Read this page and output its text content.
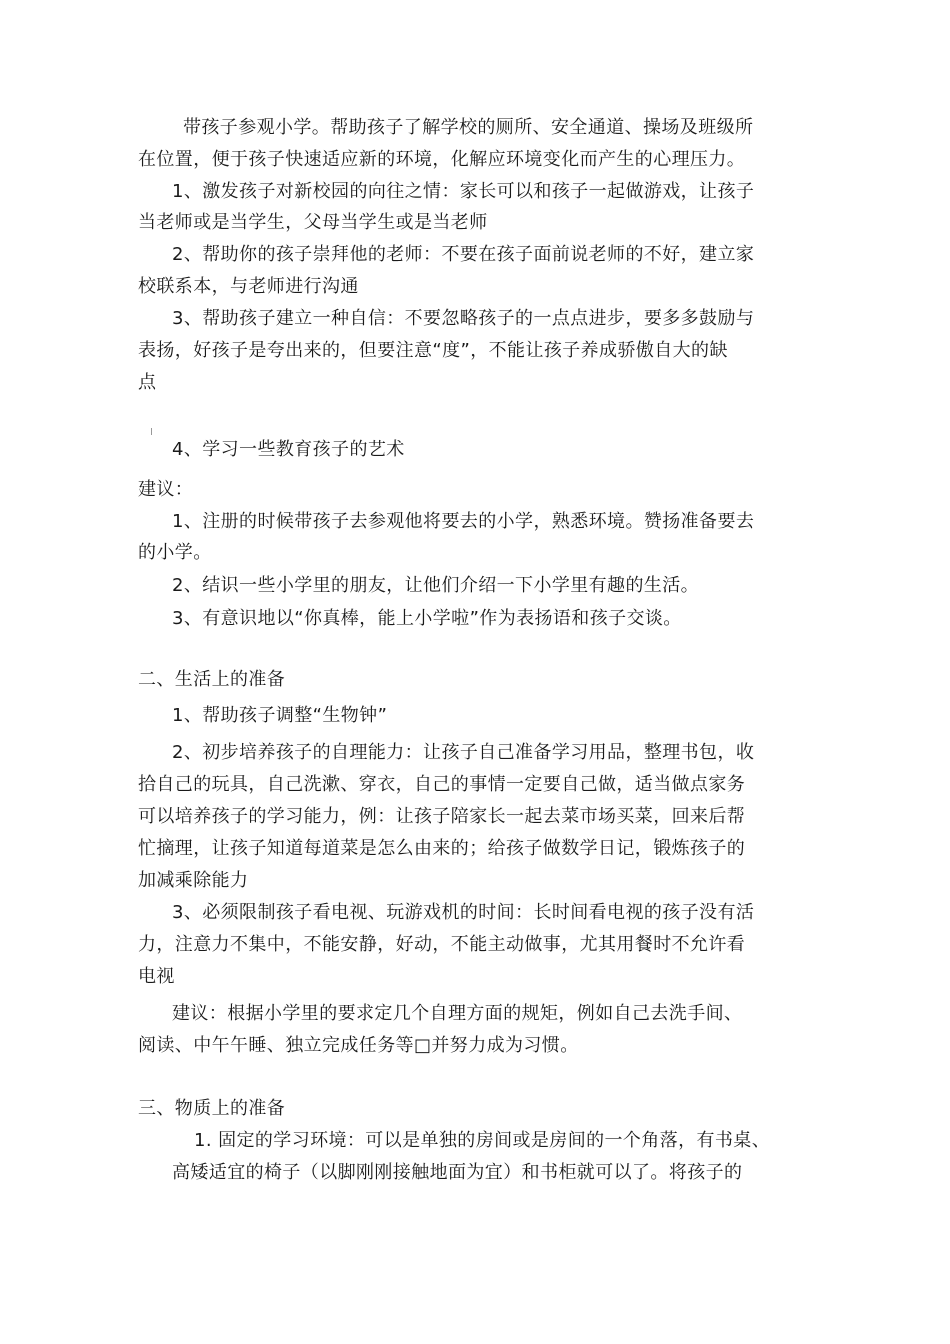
带孩子参观小学。帮助孩子了解学校的厕所、安全通道、操场及班级所
在位置，便于孩子快速适应新的环境，化解应环境变化而产生的心理压力。
1、激发孩子对新校园的向往之情：家长可以和孩子一起做游戏，让孩子
当老师或是当学生，父母当学生或是当老师
2、帮助你的孩子崇拜他的老师：不要在孩子面前说老师的不好，建立家
校联系本，与老师进行沟通
3、帮助孩子建立一种自信：不要忽略孩子的一点点进步，要多多鼓励与
表扬，好孩子是夸出来的，但要注意“度”，不能让孩子养成骄傲自大的缺
点
4、学习一些教育孩子的艺术
建议：
1、注册的时候带孩子去参观他将要去的小学，熟悉环境。赞扬准备要去
的小学。
2、结识一些小学里的朋友，让他们介绍一下小学里有趣的生活。
3、有意识地以“你真棒，能上小学啦”作为表扬语和孩子交谈。
二、生活上的准备
1、帮助孩子调整“生物钟”
2、初步培养孩子的自理能力：让孩子自己准备学习用品，整理书包，收
拾自己的玩具，自己洗漱、穿衣，自己的事情一定要自己做，适当做点家务
可以培养孩子的学习能力，例：让孩子陪家长一起去菜市场买菜，回来后帮
忙摘理，让孩子知道每道菜是怎么由来的；给孩子做数学日记，锻炼孩子的
加减乘除能力
3、必须限制孩子看电视、玩游戏机的时间：长时间看电视的孩子没有活
力，注意力不集中，不能安静，好动，不能主动做事，尤其用餐时不允许看
电视
建议：根据小学里的要求定几个自理方面的规矩，例如自己去洗手间、
阅读、中午午睡、独立完成任务等□并努力成为习惯。
三、物质上的准备
1. 固定的学习环境：可以是单独的房间或是房间的一个角落，有书桌、
高矮适宜的椅子（以脚刚刚接触地面为宜）和书柜就可以了。将孩子的
